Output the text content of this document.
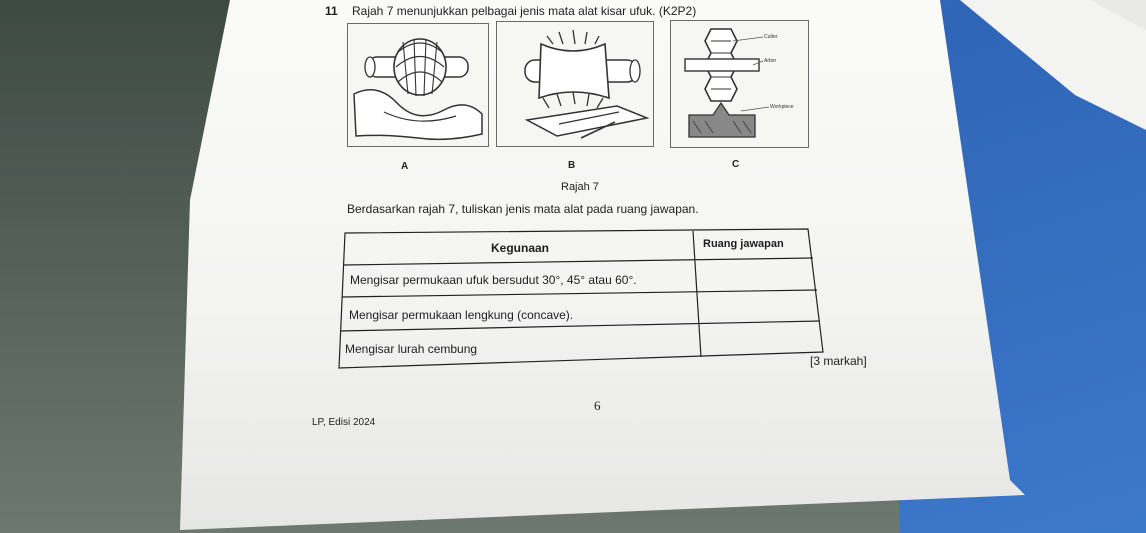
11 Rajah 7 menunjukkan pelbagai jenis mata alat kisar ufuk. (K2P2)
Cutter
Arbor
Workpiece
A	B	C
Rajah 7
Berdasarkan rajah 7, tuliskan jenis mata alat pada ruang jawapan.
Kegunaan	Ruang jawapan
Mengisar permukaan ufuk bersudut 30°, 45° atau 60°.
Mengisar permukaan lengkung (concave).
Mengisar lurah cembung
[3 markah]
6
LP, Edisi 2024
